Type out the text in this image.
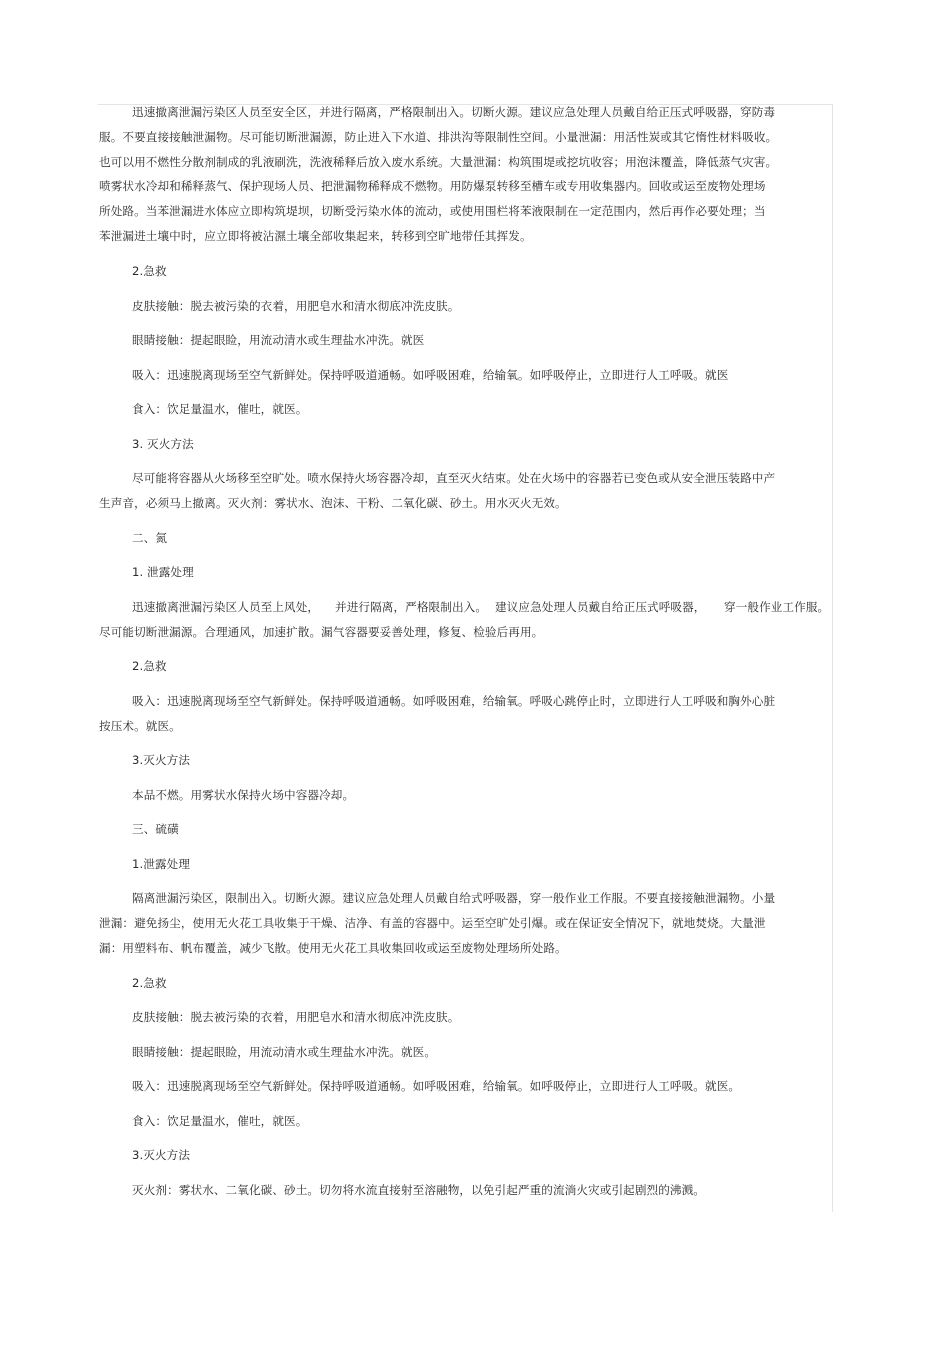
迅速撤离泄漏污染区人员至安全区，并进行隔离，严格限制出入。切断火源。建议应急处理人员戴自给正压式呼吸器，穿防毒
服。不要直接接触泄漏物。尽可能切断泄漏源，防止进入下水道、排洪沟等限制性空间。小量泄漏：用活性炭或其它惰性材料吸收。
也可以用不燃性分散剂制成的乳液刷洗，洗液稀释后放入废水系统。大量泄漏：构筑围堤或挖坑收容；用泡沫覆盖，降低蒸气灾害。
喷雾状水冷却和稀释蒸气、保护现场人员、把泄漏物稀释成不燃物。用防爆泵转移至槽车或专用收集器内。回收或运至废物处理场
所处路。当苯泄漏进水体应立即构筑堤坝，切断受污染水体的流动，或使用围栏将苯液限制在一定范围内，然后再作必要处理；当
苯泄漏进土壤中时，应立即将被沾濕土壤全部收集起来，转移到空旷地带任其挥发。
2.急救
皮肤接触：脱去被污染的衣着，用肥皂水和清水彻底冲洗皮肤。
眼睛接触：提起眼睑，用流动清水或生理盐水冲洗。就医
吸入：迅速脱离现场至空气新鲜处。保持呼吸道通畅。如呼吸困难，给输氧。如呼吸停止，立即进行人工呼吸。就医
食入：饮足量温水，催吐，就医。
3. 灭火方法
尽可能将容器从火场移至空旷处。喷水保持火场容器冷却，直至灭火结束。处在火场中的容器若已变色或从安全泄压装路中产
生声音，必须马上撤离。灭火剂：雾状水、泡沫、干粉、二氧化碳、砂土。用水灭火无效。
二、氮
1. 泄露处理
迅速撤离泄漏污染区人员至上风处， 并进行隔离，严格限制出入。 建议应急处理人员戴自给正压式呼吸器， 穿一般作业工作服。
尽可能切断泄漏源。合理通风，加速扩散。漏气容器要妥善处理，修复、检验后再用。
2.急救
吸入：迅速脱离现场至空气新鲜处。保持呼吸道通畅。如呼吸困难，给输氧。呼吸心跳停止时，立即进行人工呼吸和胸外心脏
按压术。就医。
3.灭火方法
本品不燃。用雾状水保持火场中容器冷却。
三、硫磺
1.泄露处理
隔离泄漏污染区，限制出入。切断火源。建议应急处理人员戴自给式呼吸器，穿一般作业工作服。不要直接接触泄漏物。小量
泄漏：避免扬尘，使用无火花工具收集于干燥、洁净、有盖的容器中。运至空旷处引爆。或在保证安全情况下，就地焚烧。大量泄
漏：用塑料布、帆布覆盖，减少飞散。使用无火花工具收集回收或运至废物处理场所处路。
2.急救
皮肤接触：脱去被污染的衣着，用肥皂水和清水彻底冲洗皮肤。
眼睛接触：提起眼睑，用流动清水或生理盐水冲洗。就医。
吸入：迅速脱离现场至空气新鲜处。保持呼吸道通畅。如呼吸困难，给输氧。如呼吸停止，立即进行人工呼吸。就医。
食入：饮足量温水，催吐，就医。
3.灭火方法
灭火剂：雾状水、二氧化碳、砂土。切勿将水流直接射至溶融物，以免引起严重的流淌火灾或引起剧烈的沸溅。
